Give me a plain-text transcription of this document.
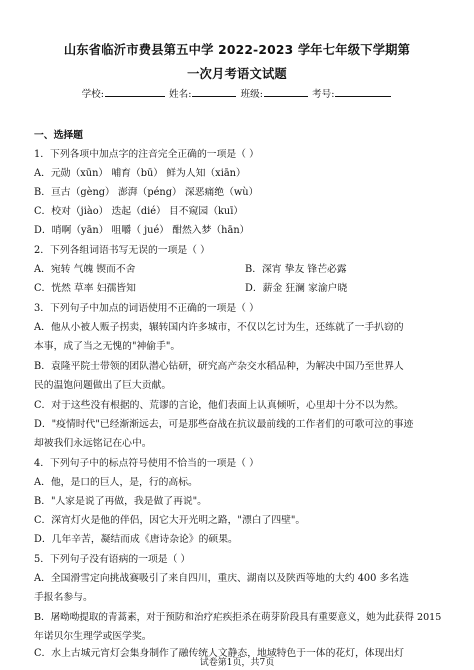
山东省临沂市费县第五中学 2022-2023 学年七年级下学期第
一次月考语文试题
学校:	姓名:	班级:	考号:
一、选择题
1．下列各项中加点字的注音完全正确的一项是（ ）
A．元勋（xūn） 哺育（bū） 鲜为人知（xiān）
B．亘古（gèng） 澎湃（péng） 深恶痛绝（wù）
C．校对（jiào） 迭起（dié） 目不窥园（kuī）
D．哨啊（yān） 咀嚼（ jué） 酣然入梦（hān）
2．下列各组词语书写无误的一项是（ ）
A．宛转 气魄 锲而不舍	B．深宵 挚友 锋芒必露
C．恍然 草率 妇孺皆知	D．薪金 狂澜 家渝户晓
3．下列句子中加点的词语使用不正确的一项是（ ）
A．他从小被人贩子拐卖，辗转国内许多城市，不仅以乞讨为生，还练就了一手扒窃的
本事，成了当之无愧的"神偷手"。
B．袁隆平院士带领的团队潜心钻研，研究高产杂交水稻品种，为解决中国乃至世界人
民的温饱问题做出了巨大贡献。
C．对于这些没有根据的、荒谬的言论，他们表面上认真倾听，心里却十分不以为然。
D．"疫情时代"已经渐渐远去，可是那些奋战在抗议最前线的工作者们的可歌可泣的事迹
却被我们永远铭记在心中。
4．下列句子中的标点符号使用不恰当的一项是（ ）
A．他，是口的巨人，是，行的高标。
B．"人家是说了再做，我是做了再说"。
C．深宵灯火是他的伴侣，因它大开光明之路，"漂白了四壁"。
D．几年辛苦，凝结而成《唐诗杂论》的硕果。
5．下列句子没有语病的一项是（ ）
A．全国滑雪定向挑战赛吸引了来自四川，重庆、湖南以及陕西等地的大约 400 多名选
手报名参与。
B．屠呦呦提取的青蒿素，对于预防和治疗疟疾拒杀在萌芽阶段具有重要意义，她为此获得 2015
年诺贝尔生理学或医学奖。
C．水上古城元宵灯会集身制作了融传统人文静态，地域特色于一体的花灯，体现出灯
试卷第1页，共7页
